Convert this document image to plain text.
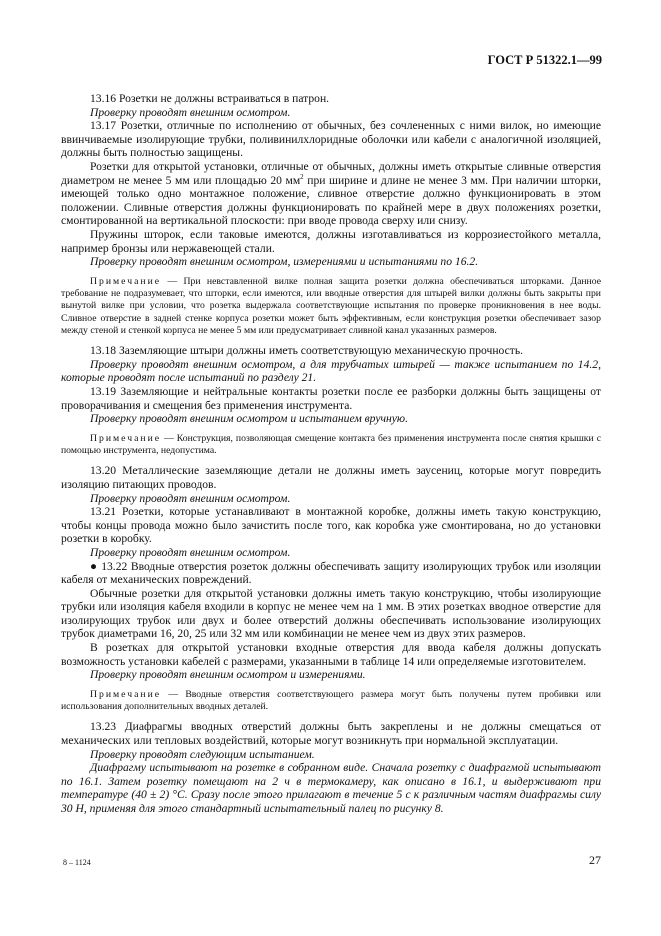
ГОСТ Р 51322.1—99

13.16 Розетки не должны встраиваться в патрон.

Проверку проводят внешним осмотром.

13.17 Розетки, отличные по исполнению от обычных, без сочлененных с ними вилок, но имеющие ввинчиваемые изолирующие трубки, поливинилхлоридные оболочки или кабели с аналогичной изоляцией, должны быть полностью защищены.

Розетки для открытой установки, отличные от обычных, должны иметь открытые сливные отверстия диаметром не менее 5 мм или площадью 20 $мм^2$ при ширине и длине не менее 3 мм. При наличии шторки, имеющей только одно монтажное положение, сливное отверстие должно функционировать в этом положении. Сливные отверстия должны функционировать по крайней мере в двух положениях розетки, смонтированной на вертикальной плоскости: при вводе провода сверху или снизу.

Пружины шторок, если таковые имеются, должны изготавливаться из коррозиестойкого металла, например бронзы или нержавеющей стали.

Проверку проводят внешним осмотром, измерениями и испытаниями по 16.2.

Примечание — При невставленной вилке полная защита розетки должна обеспечиваться шторками. Данное требование не подразумевает, что шторки, если имеются, или вводные отверстия для штырей вилки должны быть закрыты при вынутой вилке при условии, что розетка выдержала соответствующие испытания по проверке проникновения в нее воды. Сливное отверстие в задней стенке корпуса розетки может быть эффективным, если конструкция розетки обеспечивает зазор между стеной и стенкой корпуса не менее 5 мм или предусматривает сливной канал указанных размеров.

13.18 Заземляющие штыри должны иметь соответствующую механическую прочность.

Проверку проводят внешним осмотром, а для трубчатых штырей — также испытанием по 14.2, которые проводят после испытаний по разделу 21.

13.19 Заземляющие и нейтральные контакты розетки после ее разборки должны быть защищены от проворачивания и смещения без применения инструмента.

Проверку проводят внешним осмотром и испытанием вручную.

Примечание — Конструкция, позволяющая смещение контакта без применения инструмента после снятия крышки с помощью инструмента, недопустима.

13.20 Металлические заземляющие детали не должны иметь заусениц, которые могут повредить изоляцию питающих проводов.

Проверку проводят внешним осмотром.

13.21 Розетки, которые устанавливают в монтажной коробке, должны иметь такую конструкцию, чтобы концы провода можно было зачистить после того, как коробка уже смонтирована, но до установки розетки в коробку.

Проверку проводят внешним осмотром.

● 13.22 Вводные отверстия розеток должны обеспечивать защиту изолирующих трубок или изоляции кабеля от механических повреждений.

Обычные розетки для открытой установки должны иметь такую конструкцию, чтобы изолирующие трубки или изоляция кабеля входили в корпус не менее чем на 1 мм. В этих розетках вводное отверстие для изолирующих трубок или двух и более отверстий должны обеспечивать использование изолирующих трубок диаметрами 16, 20, 25 или 32 мм или комбинации не менее чем из двух этих размеров.

В розетках для открытой установки входные отверстия для ввода кабеля должны допускать возможность установки кабелей с размерами, указанными в таблице 14 или определяемые изготовителем.

Проверку проводят внешним осмотром и измерениями.

Примечание — Вводные отверстия соответствующего размера могут быть получены путем пробивки или использования дополнительных вводных деталей.

13.23 Диафрагмы вводных отверстий должны быть закреплены и не должны смещаться от механических или тепловых воздействий, которые могут возникнуть при нормальной эксплуатации.

Проверку проводят следующим испытанием.

Диафрагму испытывают на розетке в собранном виде. Сначала розетку с диафрагмой испытывают по 16.1. Затем розетку помещают на 2 ч в термокамеру, как описано в 16.1, и выдерживают при температуре (40 ± 2) °С. Сразу после этого прилагают в течение 5 с к различным частям диафрагмы силу 30 Н, применяя для этого стандартный испытательный палец по рисунку 8.

8 – 1124	27
